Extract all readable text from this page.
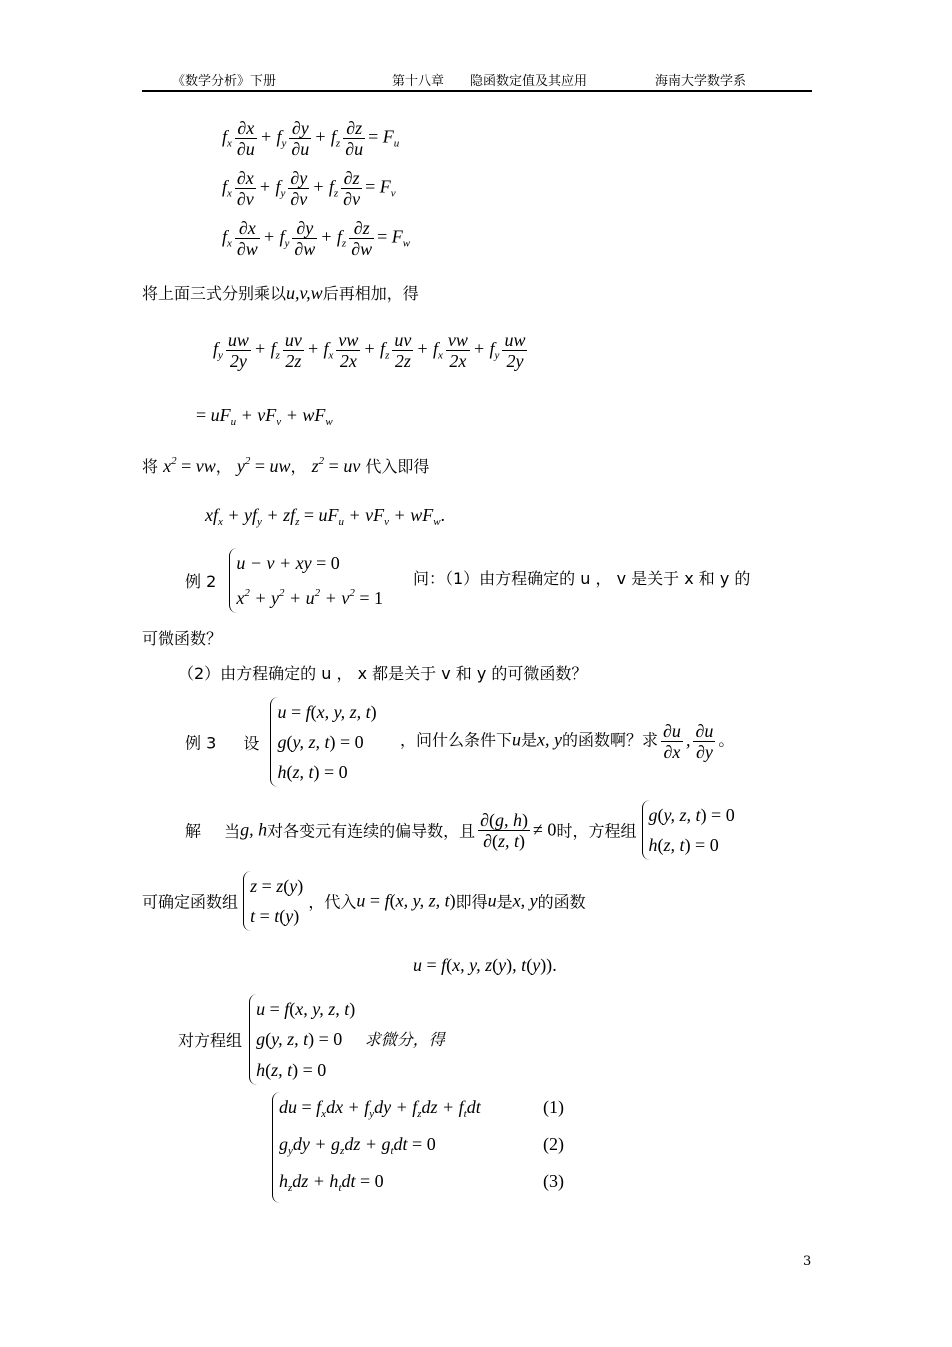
《数学分析》下册	第十八章　　隐函数定值及其应用	海南大学数学系
$f_x \frac{\partial x}{\partial u} + f_y \frac{\partial y}{\partial u} + f_z \frac{\partial z}{\partial u} = F_u$
$f_x \frac{\partial x}{\partial v} + f_y \frac{\partial y}{\partial v} + f_z \frac{\partial z}{\partial v} = F_v$
$f_x \frac{\partial x}{\partial w} + f_y \frac{\partial y}{\partial w} + f_z \frac{\partial z}{\partial w} = F_w$
将上面三式分别乘以u,v,w后再相加，得
$f_y \frac{uw}{2y} + f_z \frac{uv}{2z} + f_x \frac{vw}{2x} + f_z \frac{uv}{2z} + f_x \frac{vw}{2x} + f_y \frac{uw}{2y}$
= $uF_u + vF_v + wF_w$
将 $x^2$ = vw， $y^2$ = uw， $z^2$ = uv 代入即得
$xf_x + yf_y + zf_z = uF_u + vF_v + wF_w$.
例 2
u − v + xy = 0
$x^2 + y^2 + u^2 + v^2 = 1$
问：（1）由方程确定的 u ， v 是关于 x 和 y 的
可微函数？
（2）由方程确定的 u ， x 都是关于 v 和 y 的可微函数？
例 3 设
u = f(x, y, z, t)
g(y, z, t) = 0
h(z, t) = 0
，问什么条件下u是x, y的函数啊？求 $\frac{\partial u}{\partial x}$ , $\frac{\partial u}{\partial y}$ 。
解 当g, h对各变元有连续的偏导数，且 $\frac{\partial(g, h)}{\partial(z, t)} \ne 0$时，方程组
g(y, z, t) = 0
h(z, t) = 0
可确定函数组
z = z(y)
t = t(y)
，代入u = f(x, y, z, t)即得u是x, y的函数
u = f(x, y, z(y), t(y)).
对方程组
u = f(x, y, z, t)
g(y, z, t) = 0　 求微分，得
h(z, t) = 0
du = $f_xdx + f_ydy + f_zdz + f_tdt$	(1)
$g_ydy + g_zdz + g_tdt = 0$	(2)
$h_zdz + h_tdt = 0$	(3)
3
